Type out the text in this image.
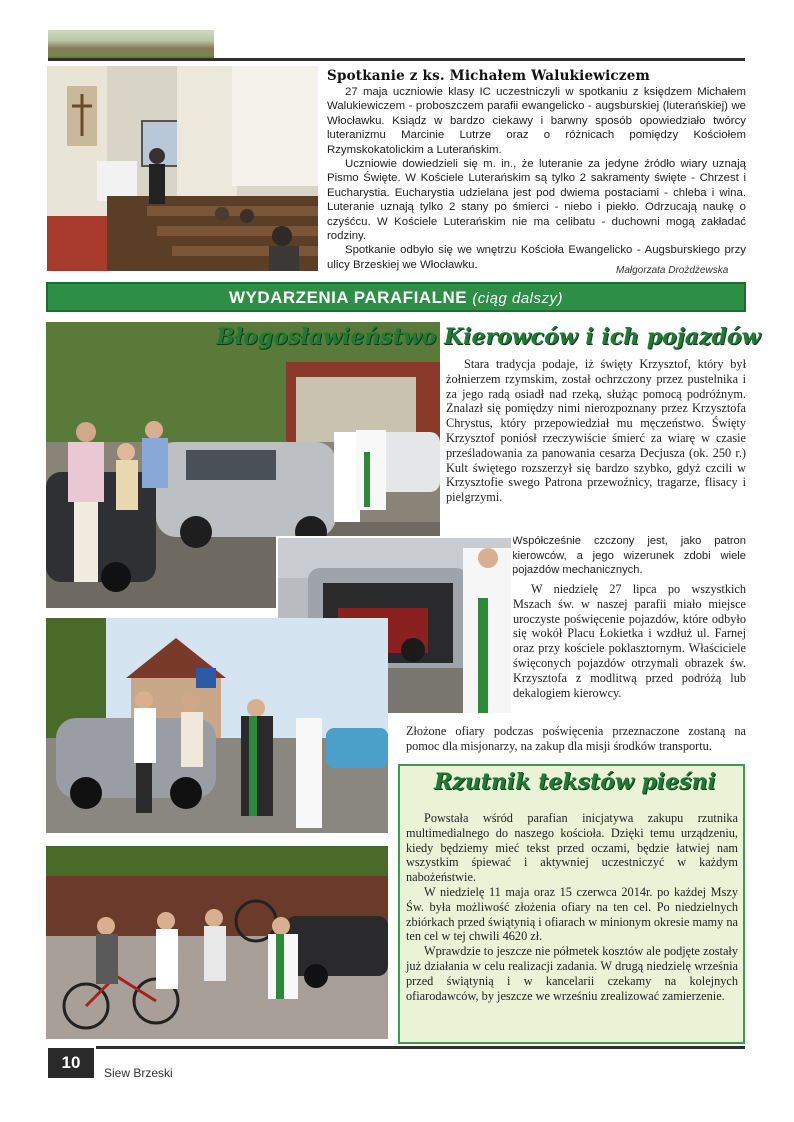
Spotkanie z ks. Michałem Walukiewiczem

27 maja uczniowie klasy IC uczestniczyli w spotkaniu z księdzem Michałem Walukiewiczem - proboszczem parafii ewangelicko - augsburskiej (luterańskiej) we Włocławku. Ksiądz w bardzo ciekawy i barwny sposób opowiedziało twórcy luteranizmu Marcinie Lutrze oraz o różnicach pomiędzy Kościołem Rzymskokatolickim a Luterańskim.

Uczniowie dowiedzieli się m. in., że luteranie za jedyne źródło wiary uznają Pismo Święte. W Kościele Luterańskim są tylko 2 sakramenty święte - Chrzest i Eucharystia. Eucharystia udzielana jest pod dwiema postaciami - chleba i wina. Luteranie uznają tylko 2 stany po śmierci - niebo i piekło. Odrzucają naukę o czyśćcu. W Kościele Luterańskim nie ma celibatu - duchowni mogą zakładać rodziny.

Spotkanie odbyło się we wnętrzu Kościoła Ewangelicko - Augsburskiego przy ulicy Brzeskiej we Włocławku.	Małgorzata Drożdżewska
WYDARZENIA PARAFIALNE (ciąg dalszy)
Błogosławieństwo Kierowców i ich pojazdów

Stara tradycja podaje, iż święty Krzysztof, który był żołnierzem rzymskim, został ochrzczony przez pustelnika i za jego radą osiadł nad rzeką, służąc pomocą podróżnym. Znalazł się pomiędzy nimi nierozpoznany przez Krzysztofa Chrystus, który przepowiedział mu męczeństwo. Święty Krzysztof poniósł rzeczywiście śmierć za wiarę w czasie prześladowania za panowania cesarza Decjusza (ok. 250 r.) Kult świętego rozszerzył się bardzo szybko, gdyż czcili w Krzysztofie swego Patrona przewoźnicy, tragarze, flisacy i pielgrzymi.

Współcześnie czczony jest, jako patron kierowców, a jego wizerunek zdobi wiele pojazdów mechanicznych.

W niedzielę 27 lipca po wszystkich Mszach św. w naszej parafii miało miejsce uroczyste poświęcenie pojazdów, które odbyło się wokół Placu Łokietka i wzdłuż ul. Farnej oraz przy kościele poklasztornym. Właściciele święconych pojazdów otrzymali obrazek św. Krzysztofa z modlitwą przed podróżą lub dekalogiem kierowcy.

Złożone ofiary podczas poświęcenia przeznaczone zostaną na pomoc dla misjonarzy, na zakup dla misji środków transportu.

Rzutnik tekstów pieśni

Powstała wśród parafian inicjatywa zakupu rzutnika multimedialnego do naszego kościoła. Dzięki temu urządzeniu, kiedy będziemy mieć tekst przed oczami, będzie łatwiej nam wszystkim śpiewać i aktywniej uczestniczyć w każdym nabożeństwie.

W niedzielę 11 maja oraz 15 czerwca 2014r. po każdej Mszy Św. była możliwość złożenia ofiary na ten cel. Po niedzielnych zbiórkach przed świątynią i ofiarach w minionym okresie mamy na ten cel w tej chwili 4620 zł.

Wprawdzie to jeszcze nie półmetek kosztów ale podjęte zostały już działania w celu realizacji zadania. W drugą niedzielę września przed świątynią i w kancelarii czekamy na kolejnych ofiarodawców, by jeszcze we wrześniu zrealizować zamierzenie.

10
Siew Brzeski
